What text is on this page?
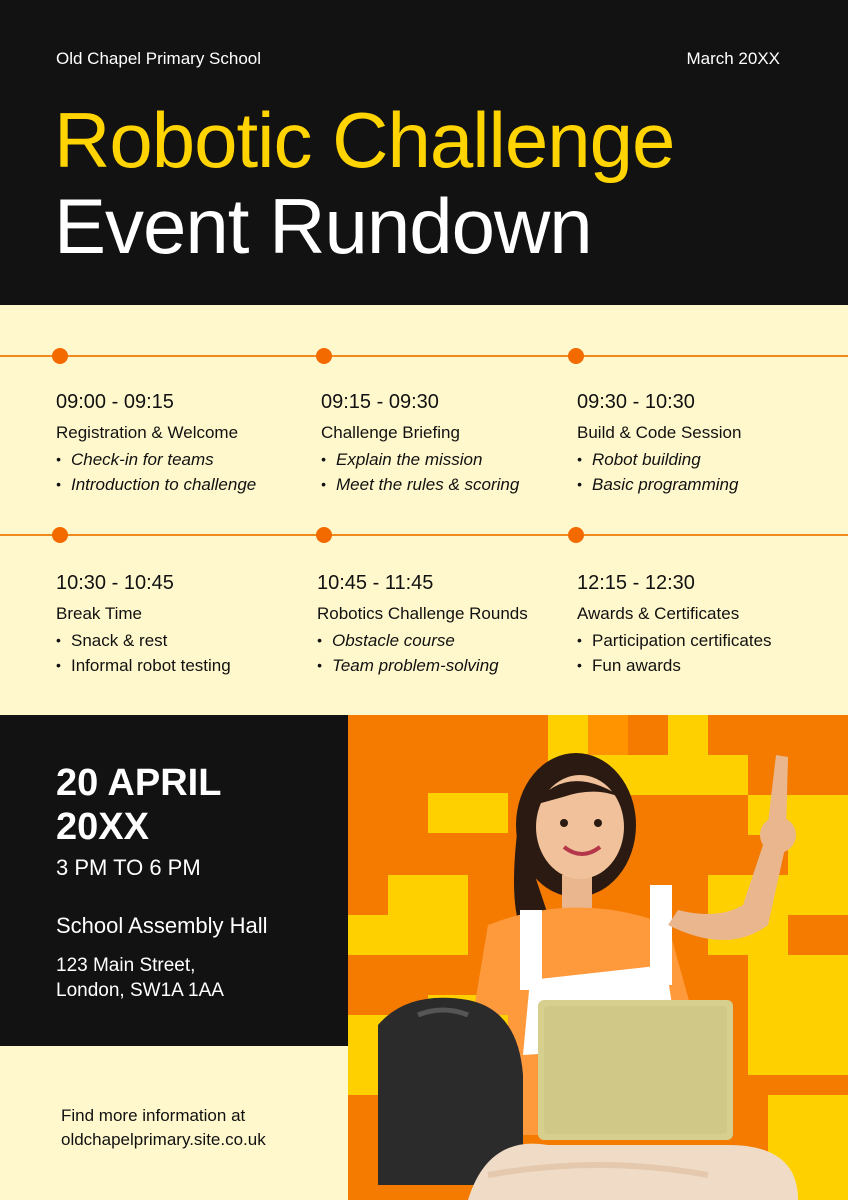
Old Chapel Primary School	March 20XX
Robotic Challenge
Event Rundown
09:00 - 09:15
Registration & Welcome
• Check-in for teams
• Introduction to challenge
09:15 - 09:30
Challenge Briefing
• Explain the mission
• Meet the rules & scoring
09:30 - 10:30
Build & Code Session
• Robot building
• Basic programming
10:30 - 10:45
Break Time
• Snack & rest
• Informal robot testing
10:45 - 11:45
Robotics Challenge Rounds
• Obstacle course
• Team problem-solving
12:15 - 12:30
Awards & Certificates
• Participation certificates
• Fun awards
20 APRIL
20XX
3 PM TO 6 PM
School Assembly Hall
123 Main Street,
London, SW1A 1AA
Find more information at
oldchapelprimary.site.co.uk
